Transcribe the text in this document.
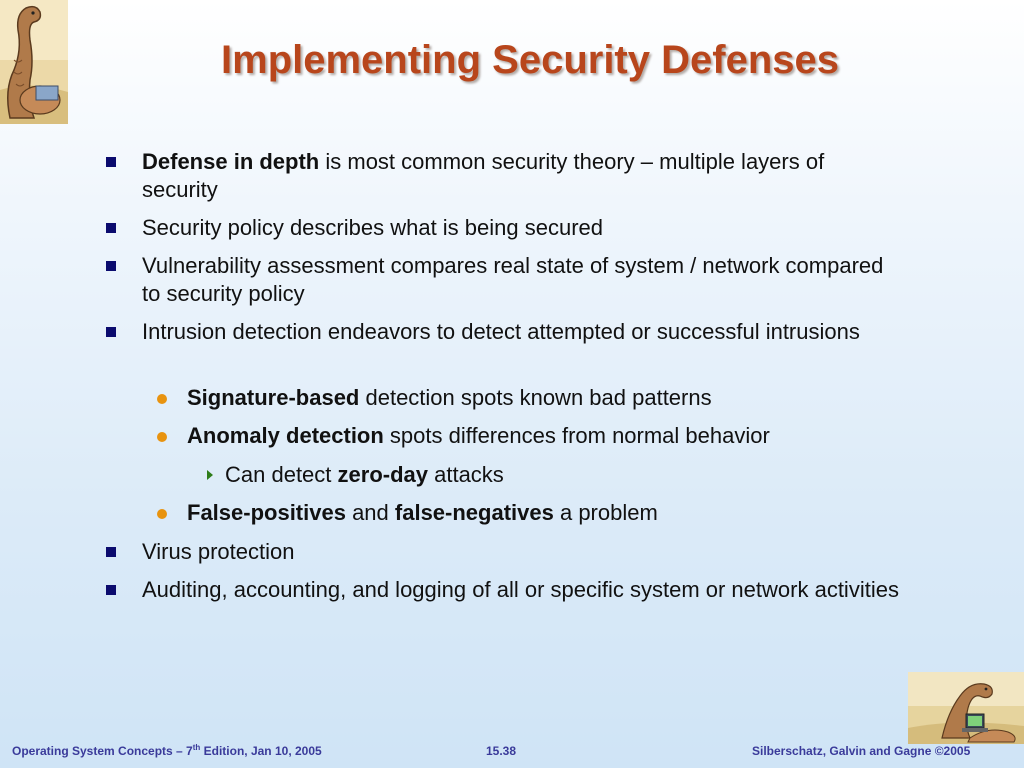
Implementing Security Defenses
Defense in depth is most common security theory – multiple layers of security
Security policy describes what is being secured
Vulnerability assessment compares real state of system / network compared to security policy
Intrusion detection endeavors to detect attempted or successful intrusions
Signature-based detection spots known bad patterns
Anomaly detection spots differences from normal behavior
Can detect zero-day attacks
False-positives and false-negatives a problem
Virus protection
Auditing, accounting, and logging of all or specific system or network activities
Operating System Concepts – 7th Edition, Jan 10, 2005	15.38	Silberschatz, Galvin and Gagne ©2005
